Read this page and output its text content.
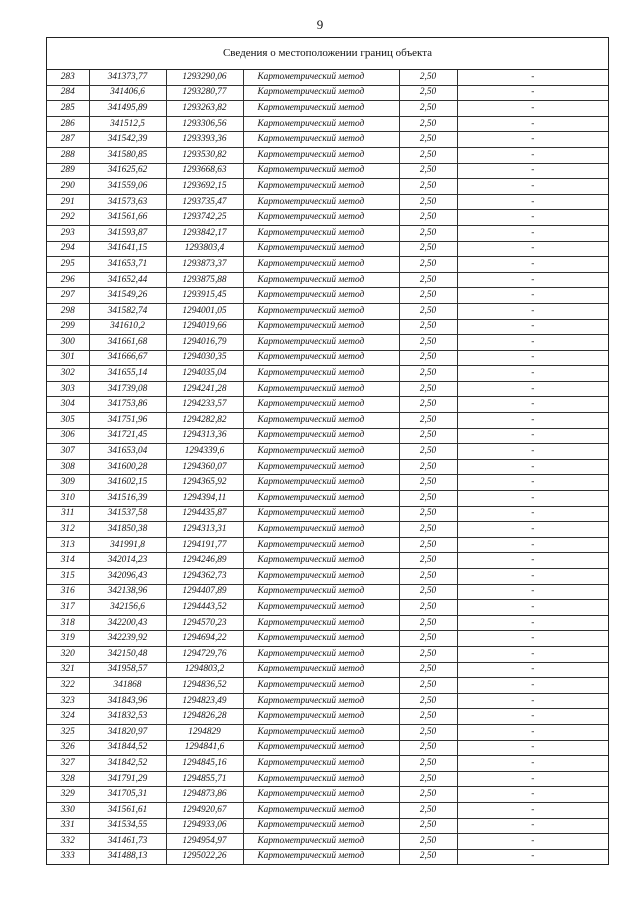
9
Сведения о местоположении границ объекта
283	341373,77	1293290,06	Картометрический метод	2,50	-
284	341406,6	1293280,77	Картометрический метод	2,50	-
285	341495,89	1293263,82	Картометрический метод	2,50	-
286	341512,5	1293306,56	Картометрический метод	2,50	-
287	341542,39	1293393,36	Картометрический метод	2,50	-
288	341580,85	1293530,82	Картометрический метод	2,50	-
289	341625,62	1293668,63	Картометрический метод	2,50	-
290	341559,06	1293692,15	Картометрический метод	2,50	-
291	341573,63	1293735,47	Картометрический метод	2,50	-
292	341561,66	1293742,25	Картометрический метод	2,50	-
293	341593,87	1293842,17	Картометрический метод	2,50	-
294	341641,15	1293803,4	Картометрический метод	2,50	-
295	341653,71	1293873,37	Картометрический метод	2,50	-
296	341652,44	1293875,88	Картометрический метод	2,50	-
297	341549,26	1293915,45	Картометрический метод	2,50	-
298	341582,74	1294001,05	Картометрический метод	2,50	-
299	341610,2	1294019,66	Картометрический метод	2,50	-
300	341661,68	1294016,79	Картометрический метод	2,50	-
301	341666,67	1294030,35	Картометрический метод	2,50	-
302	341655,14	1294035,04	Картометрический метод	2,50	-
303	341739,08	1294241,28	Картометрический метод	2,50	-
304	341753,86	1294233,57	Картометрический метод	2,50	-
305	341751,96	1294282,82	Картометрический метод	2,50	-
306	341721,45	1294313,36	Картометрический метод	2,50	-
307	341653,04	1294339,6	Картометрический метод	2,50	-
308	341600,28	1294360,07	Картометрический метод	2,50	-
309	341602,15	1294365,92	Картометрический метод	2,50	-
310	341516,39	1294394,11	Картометрический метод	2,50	-
311	341537,58	1294435,87	Картометрический метод	2,50	-
312	341850,38	1294313,31	Картометрический метод	2,50	-
313	341991,8	1294191,77	Картометрический метод	2,50	-
314	342014,23	1294246,89	Картометрический метод	2,50	-
315	342096,43	1294362,73	Картометрический метод	2,50	-
316	342138,96	1294407,89	Картометрический метод	2,50	-
317	342156,6	1294443,52	Картометрический метод	2,50	-
318	342200,43	1294570,23	Картометрический метод	2,50	-
319	342239,92	1294694,22	Картометрический метод	2,50	-
320	342150,48	1294729,76	Картометрический метод	2,50	-
321	341958,57	1294803,2	Картометрический метод	2,50	-
322	341868	1294836,52	Картометрический метод	2,50	-
323	341843,96	1294823,49	Картометрический метод	2,50	-
324	341832,53	1294826,28	Картометрический метод	2,50	-
325	341820,97	1294829	Картометрический метод	2,50	-
326	341844,52	1294841,6	Картометрический метод	2,50	-
327	341842,52	1294845,16	Картометрический метод	2,50	-
328	341791,29	1294855,71	Картометрический метод	2,50	-
329	341705,31	1294873,86	Картометрический метод	2,50	-
330	341561,61	1294920,67	Картометрический метод	2,50	-
331	341534,55	1294933,06	Картометрический метод	2,50	-
332	341461,73	1294954,97	Картометрический метод	2,50	-
333	341488,13	1295022,26	Картометрический метод	2,50	-
